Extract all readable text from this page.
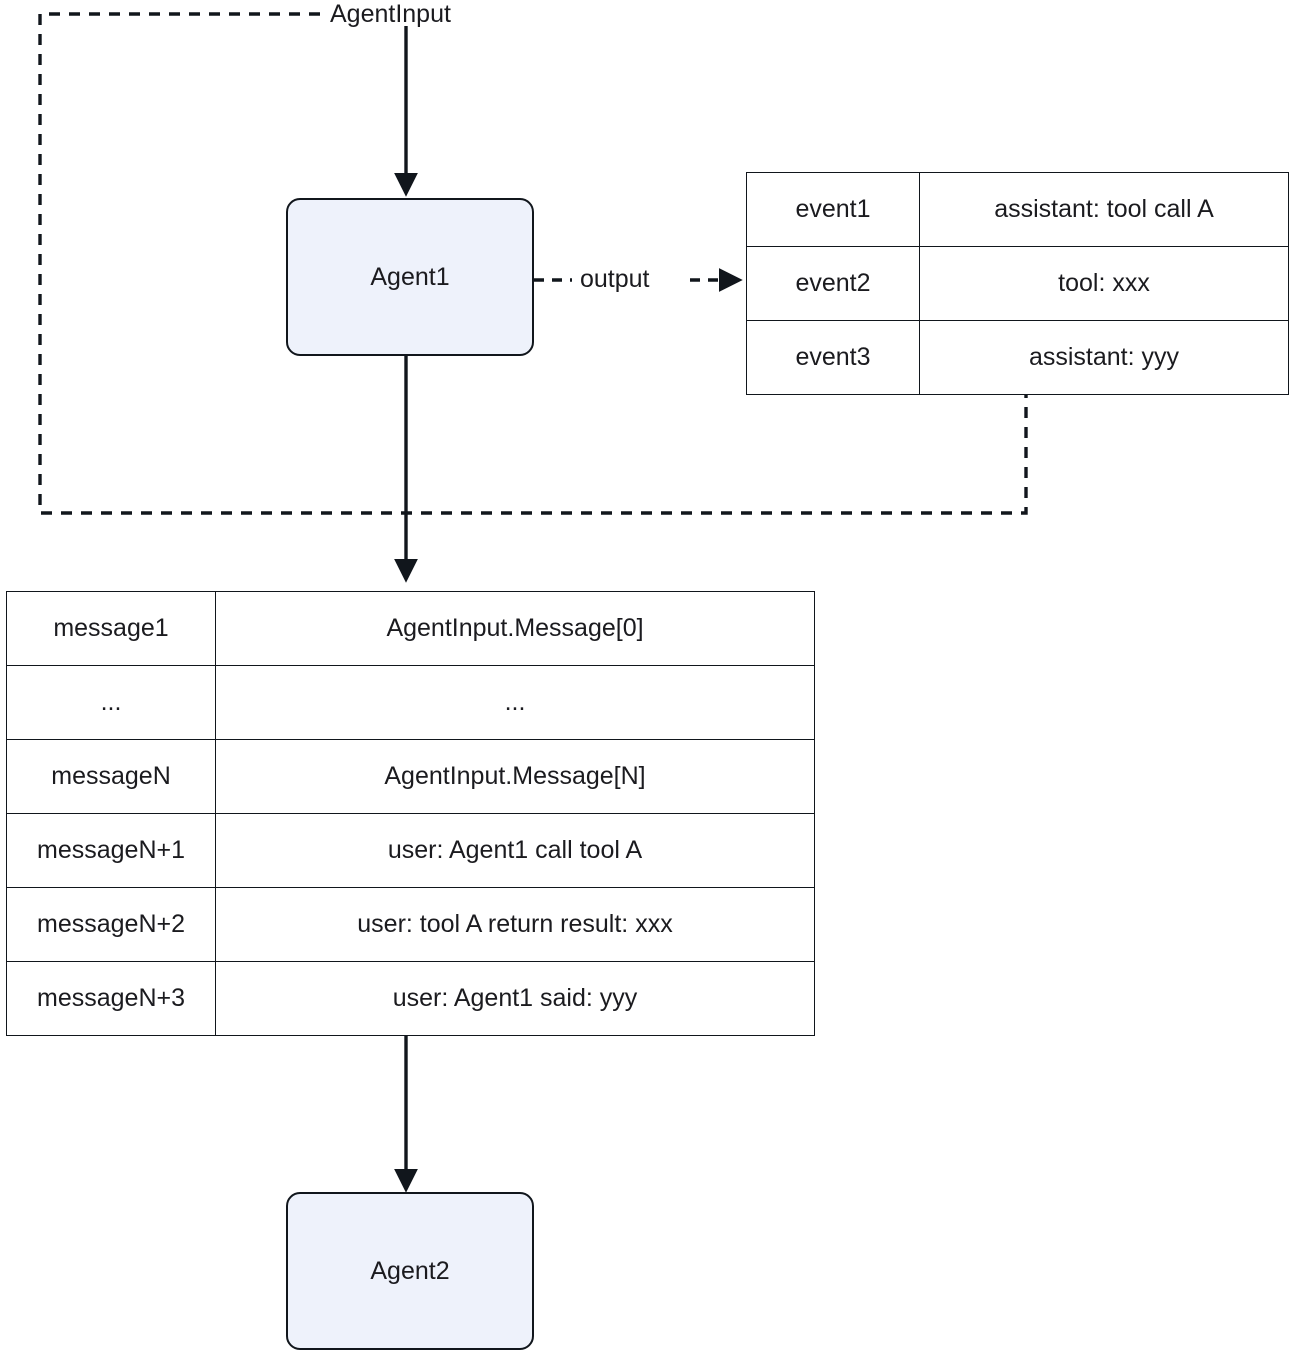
AgentInput
output
Agent1
Agent2
event1	assistant: tool call A
event2	tool: xxx
event3	assistant: yyy
message1	AgentInput.Message[0]
...	...
messageN	AgentInput.Message[N]
messageN+1	user: Agent1 call tool A
messageN+2	user: tool A return result: xxx
messageN+3	user: Agent1 said: yyy
